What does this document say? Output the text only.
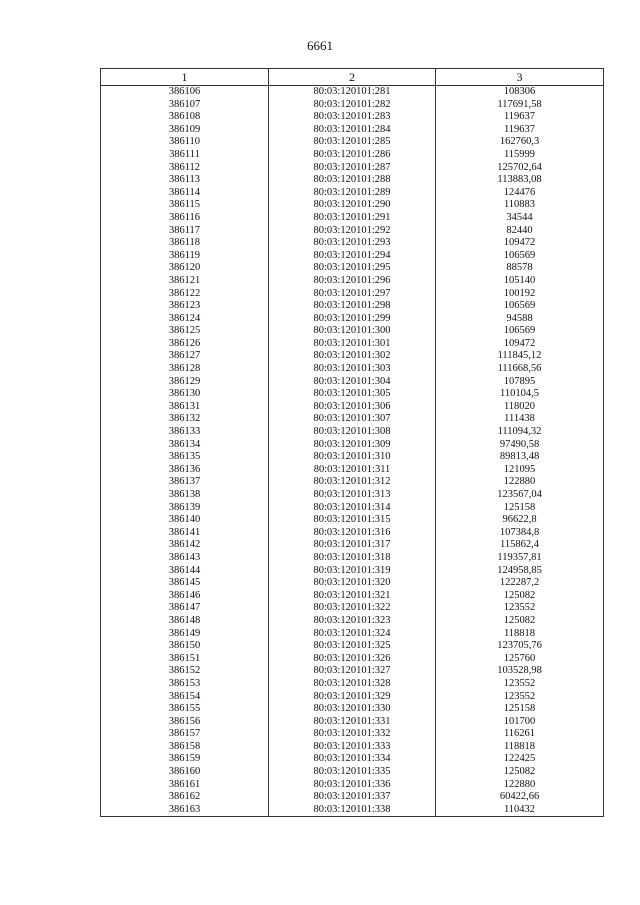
6661
1	2	3
386106	80:03:120101:281	108306
386107	80:03:120101:282	117691,58
386108	80:03:120101:283	119637
386109	80:03:120101:284	119637
386110	80:03:120101:285	162760,3
386111	80:03:120101:286	115999
386112	80:03:120101:287	125702,64
386113	80:03:120101:288	113883,08
386114	80:03:120101:289	124476
386115	80:03:120101:290	110883
386116	80:03:120101:291	34544
386117	80:03:120101:292	82440
386118	80:03:120101:293	109472
386119	80:03:120101:294	106569
386120	80:03:120101:295	88578
386121	80:03:120101:296	105140
386122	80:03:120101:297	100192
386123	80:03:120101:298	106569
386124	80:03:120101:299	94588
386125	80:03:120101:300	106569
386126	80:03:120101:301	109472
386127	80:03:120101:302	111845,12
386128	80:03:120101:303	111668,56
386129	80:03:120101:304	107895
386130	80:03:120101:305	110104,5
386131	80:03:120101:306	118020
386132	80:03:120101:307	111438
386133	80:03:120101:308	111094,32
386134	80:03:120101:309	97490,58
386135	80:03:120101:310	89813,48
386136	80:03:120101:311	121095
386137	80:03:120101:312	122880
386138	80:03:120101:313	123567,04
386139	80:03:120101:314	125158
386140	80:03:120101:315	96622,8
386141	80:03:120101:316	107384,8
386142	80:03:120101:317	115862,4
386143	80:03:120101:318	119357,81
386144	80:03:120101:319	124958,85
386145	80:03:120101:320	122287,2
386146	80:03:120101:321	125082
386147	80:03:120101:322	123552
386148	80:03:120101:323	125082
386149	80:03:120101:324	118818
386150	80:03:120101:325	123705,76
386151	80:03:120101:326	125760
386152	80:03:120101:327	103528,98
386153	80:03:120101:328	123552
386154	80:03:120101:329	123552
386155	80:03:120101:330	125158
386156	80:03:120101:331	101700
386157	80:03:120101:332	116261
386158	80:03:120101:333	118818
386159	80:03:120101:334	122425
386160	80:03:120101:335	125082
386161	80:03:120101:336	122880
386162	80:03:120101:337	60422,66
386163	80:03:120101:338	110432
